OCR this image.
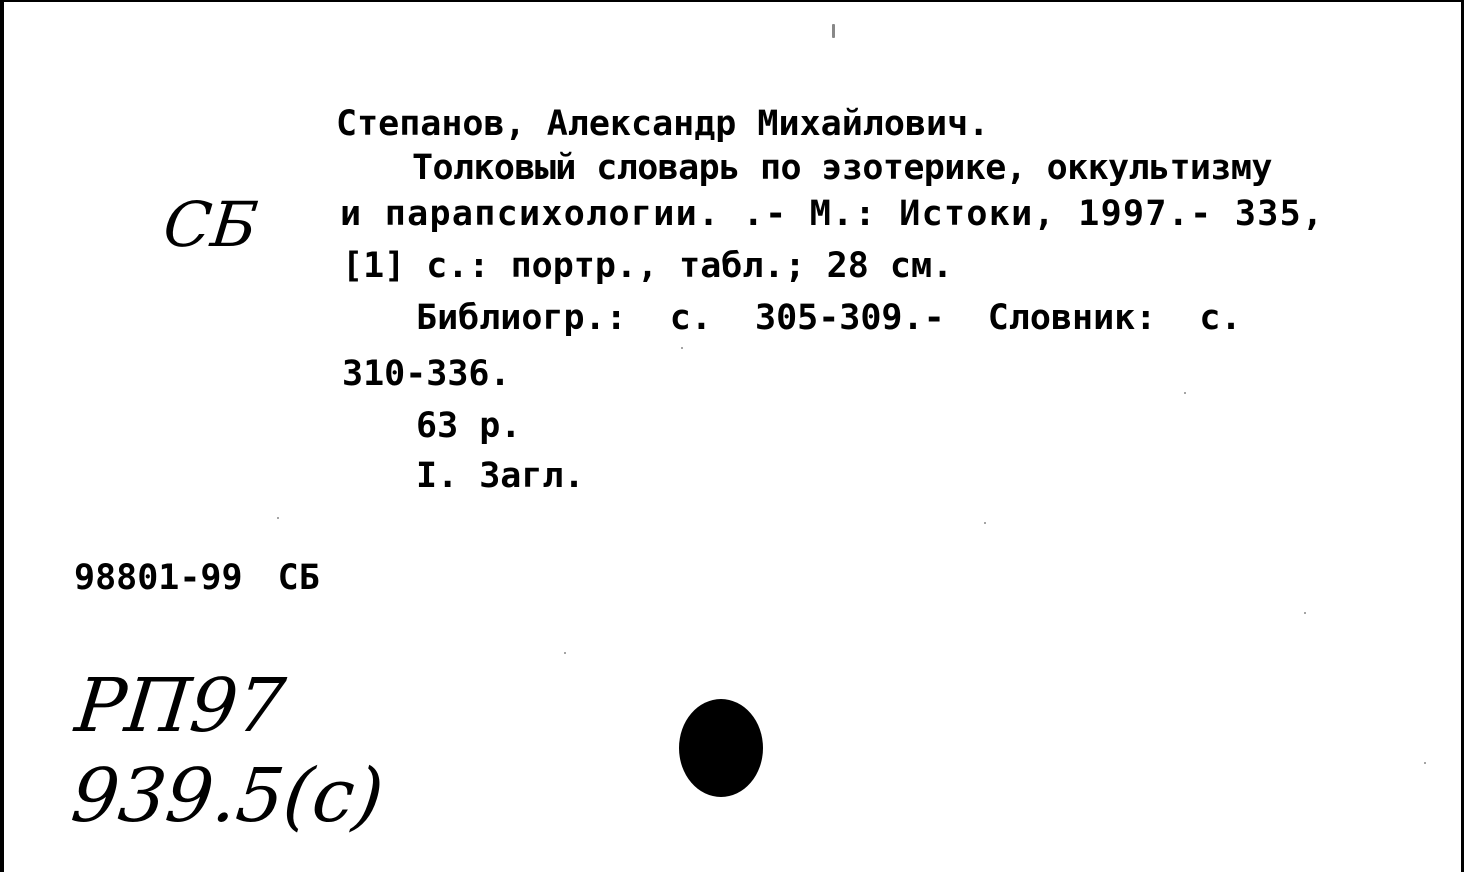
СБ

Степанов, Александр Михайлович.

Толковый словарь по эзотерике, оккультизму

и парапсихологии. .- М.: Истоки, 1997.- 335,

[1] с.: портр., табл.; 28 см.

Библиогр.: с. 305-309.- Словник: с.

310-336.

63 р.

I. Загл.

98801-99 СБ

РП97
939.5(с)
